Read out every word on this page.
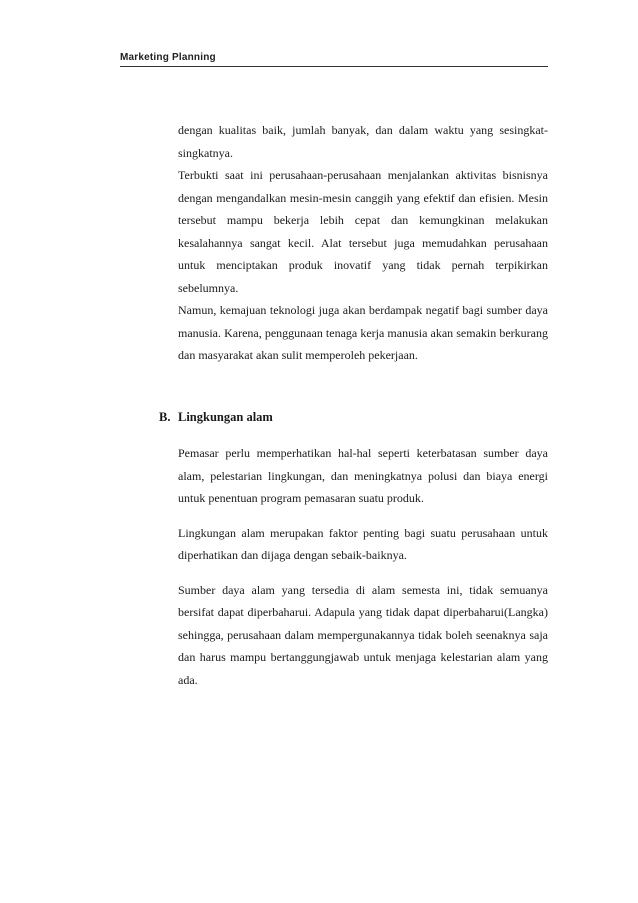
Marketing Planning

dengan kualitas baik, jumlah banyak, dan dalam waktu yang sesingkat-singkatnya.

Terbukti saat ini perusahaan-perusahaan menjalankan aktivitas bisnisnya dengan mengandalkan mesin-mesin canggih yang efektif dan efisien. Mesin tersebut mampu bekerja lebih cepat dan kemungkinan melakukan kesalahannya sangat kecil. Alat tersebut juga memudahkan perusahaan untuk menciptakan produk inovatif yang tidak pernah terpikirkan sebelumnya.

Namun, kemajuan teknologi juga akan berdampak negatif bagi sumber daya manusia. Karena, penggunaan tenaga kerja manusia akan semakin berkurang dan masyarakat akan sulit memperoleh pekerjaan.

B. Lingkungan alam

Pemasar perlu memperhatikan hal-hal seperti keterbatasan sumber daya alam, pelestarian lingkungan, dan meningkatnya polusi dan biaya energi untuk penentuan program pemasaran suatu produk.

Lingkungan alam merupakan faktor penting bagi suatu perusahaan untuk diperhatikan dan dijaga dengan sebaik-baiknya.

Sumber daya alam yang tersedia di alam semesta ini, tidak semuanya bersifat dapat diperbaharui. Adapula yang tidak dapat diperbaharui(Langka) sehingga, perusahaan dalam mempergunakannya tidak boleh seenaknya saja dan harus mampu bertanggungjawab untuk menjaga kelestarian alam yang ada.
